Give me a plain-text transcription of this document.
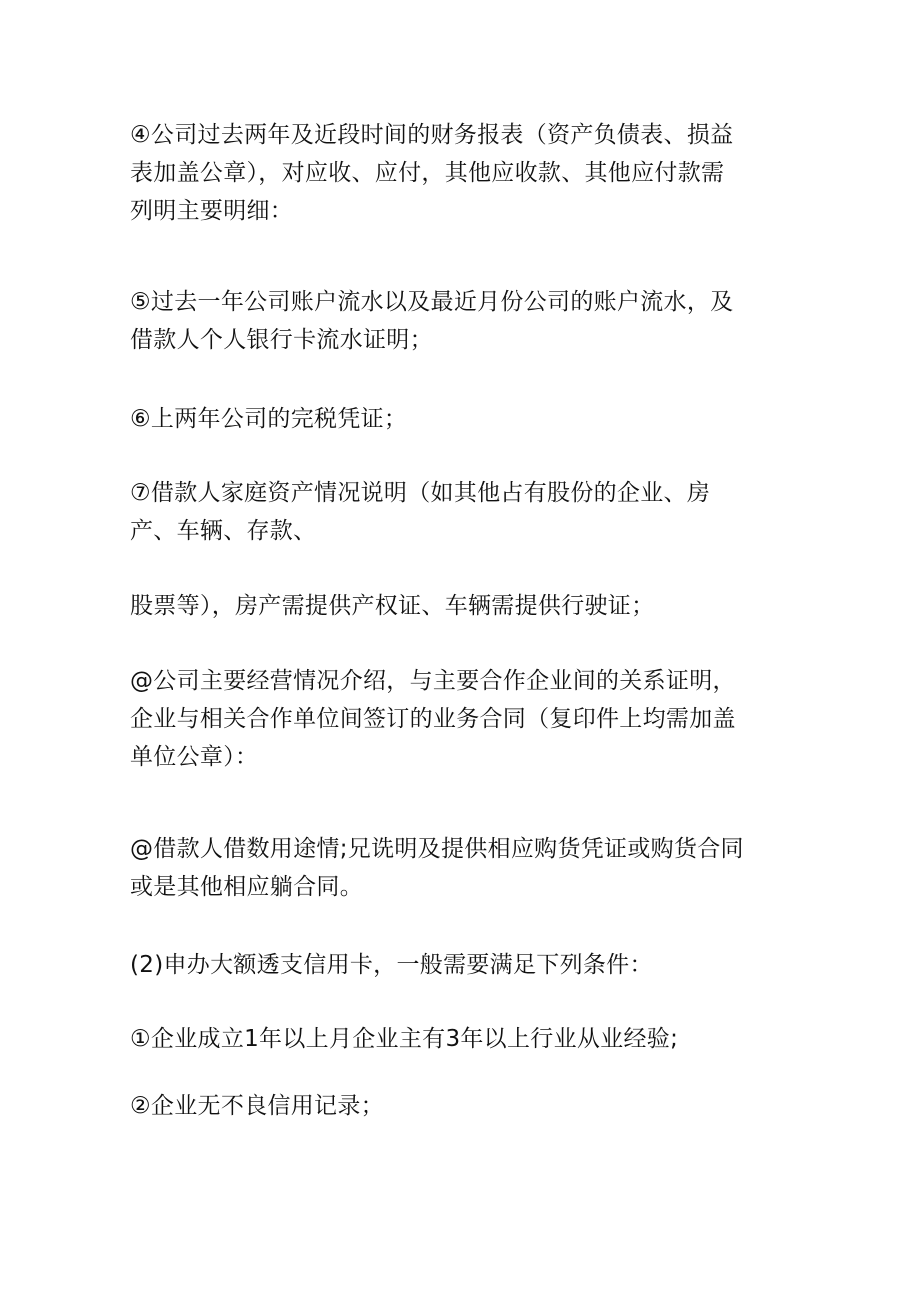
④公司过去两年及近段时间的财务报表（资产负债表、损益
表加盖公章），对应收、应付，其他应收款、其他应付款需
列明主要明细：
⑤过去一年公司账户流水以及最近月份公司的账户流水，及
借款人个人银行卡流水证明；
⑥上两年公司的完税凭证；
⑦借款人家庭资产情况说明（如其他占有股份的企业、房
产、车辆、存款、
股票等），房产需提供产权证、车辆需提供行驶证；
@公司主要经营情况介绍，与主要合作企业间的关系证明，
企业与相关合作单位间签订的业务合同（复印件上均需加盖
单位公章）：
@借款人借数用途情;兄诜明及提供相应购货凭证或购货合同
或是其他相应躺合同。
(2)申办大额透支信用卡，一般需要满足下列条件：
①企业成立1年以上月企业主有3年以上行业从业经验;
②企业无不良信用记录；
